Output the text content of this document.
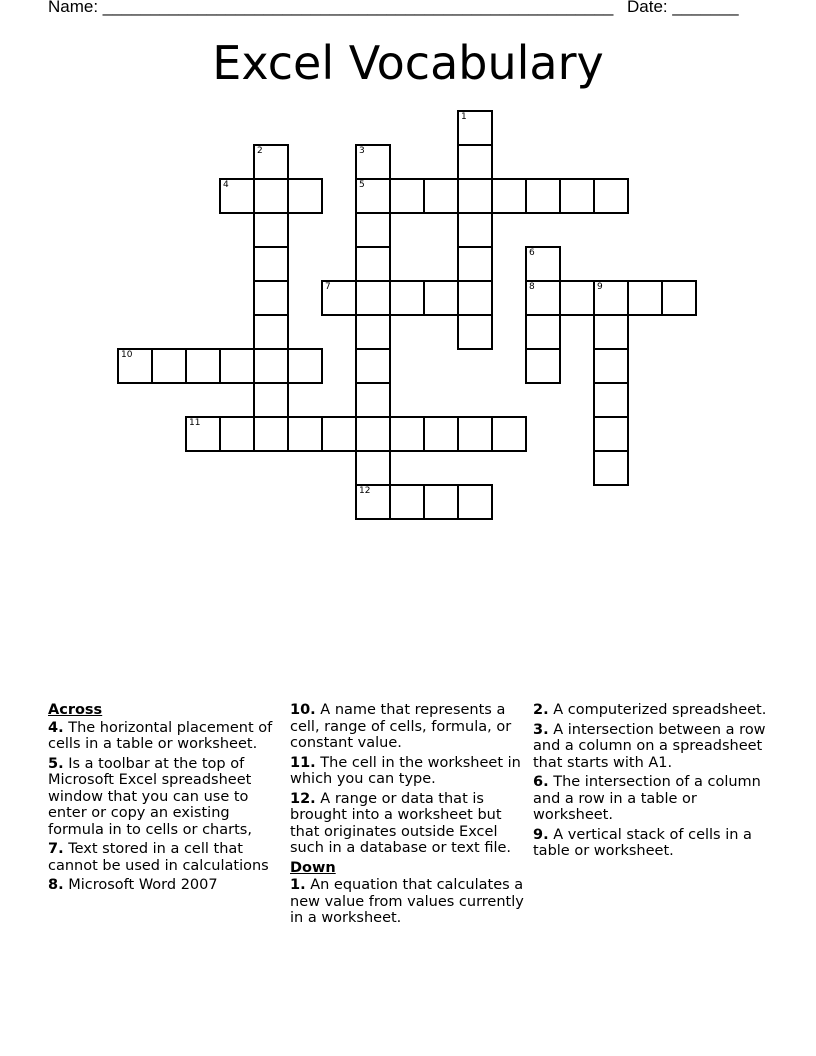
Name: ______________________________________________________ Date: _______
Excel Vocabulary
1
2	3
5
12
4
6
8
7	9
10
11
Across
4. The horizontal placement of cells in a table or worksheet.
5. Is a toolbar at the top of Microsoft Excel spreadsheet window that you can use to enter or copy an existing formula in to cells or charts,
7. Text stored in a cell that cannot be used in calculations
8. Microsoft Word 2007
10. A name that represents a cell, range of cells, formula, or constant value.
11. The cell in the worksheet in which you can type.
12. A range or data that is brought into a worksheet but that originates outside Excel such in a database or text file.
Down
1. An equation that calculates a new value from values currently in a worksheet.
2. A computerized spreadsheet.
3. A intersection between a row and a column on a spreadsheet that starts with A1.
6. The intersection of a column and a row in a table or worksheet.
9. A vertical stack of cells in a table or worksheet.
